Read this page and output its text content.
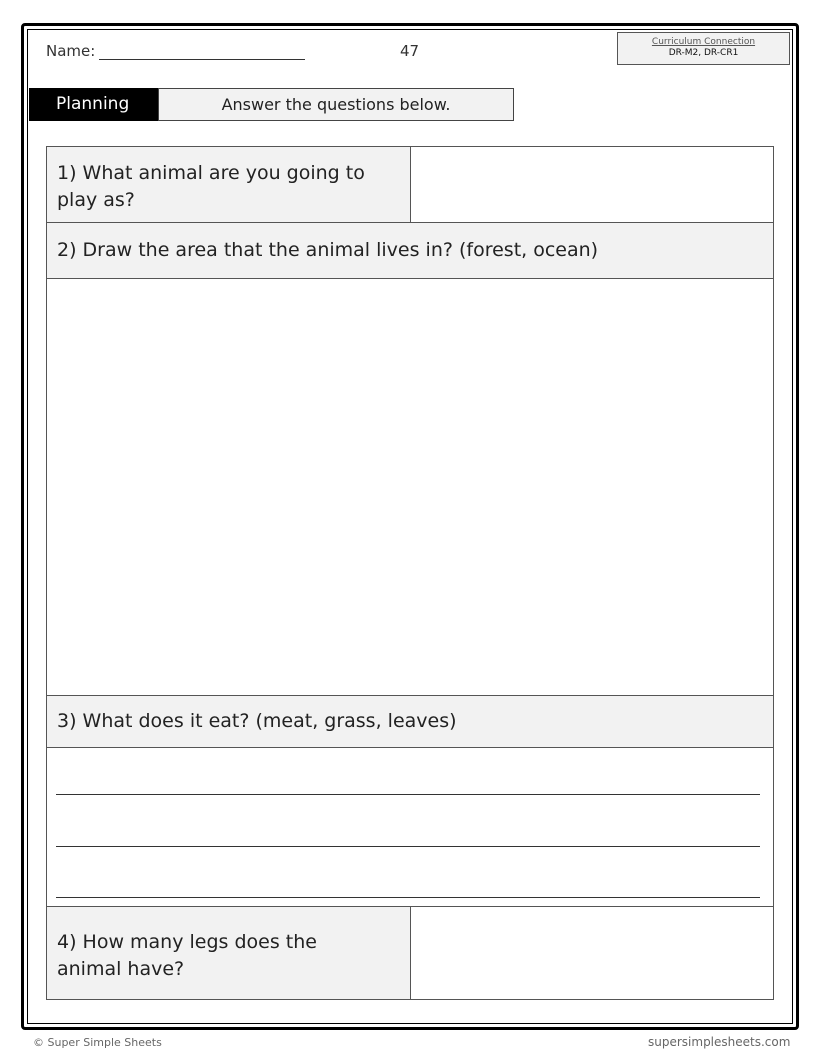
Name:	47	Curriculum Connection
DR-M2, DR-CR1
Planning	Answer the questions below.
1) What animal are you going to play as?
2) Draw the area that the animal lives in? (forest, ocean)
3) What does it eat? (meat, grass, leaves)
4) How many legs does the animal have?
© Super Simple Sheets	supersimplesheets.com
